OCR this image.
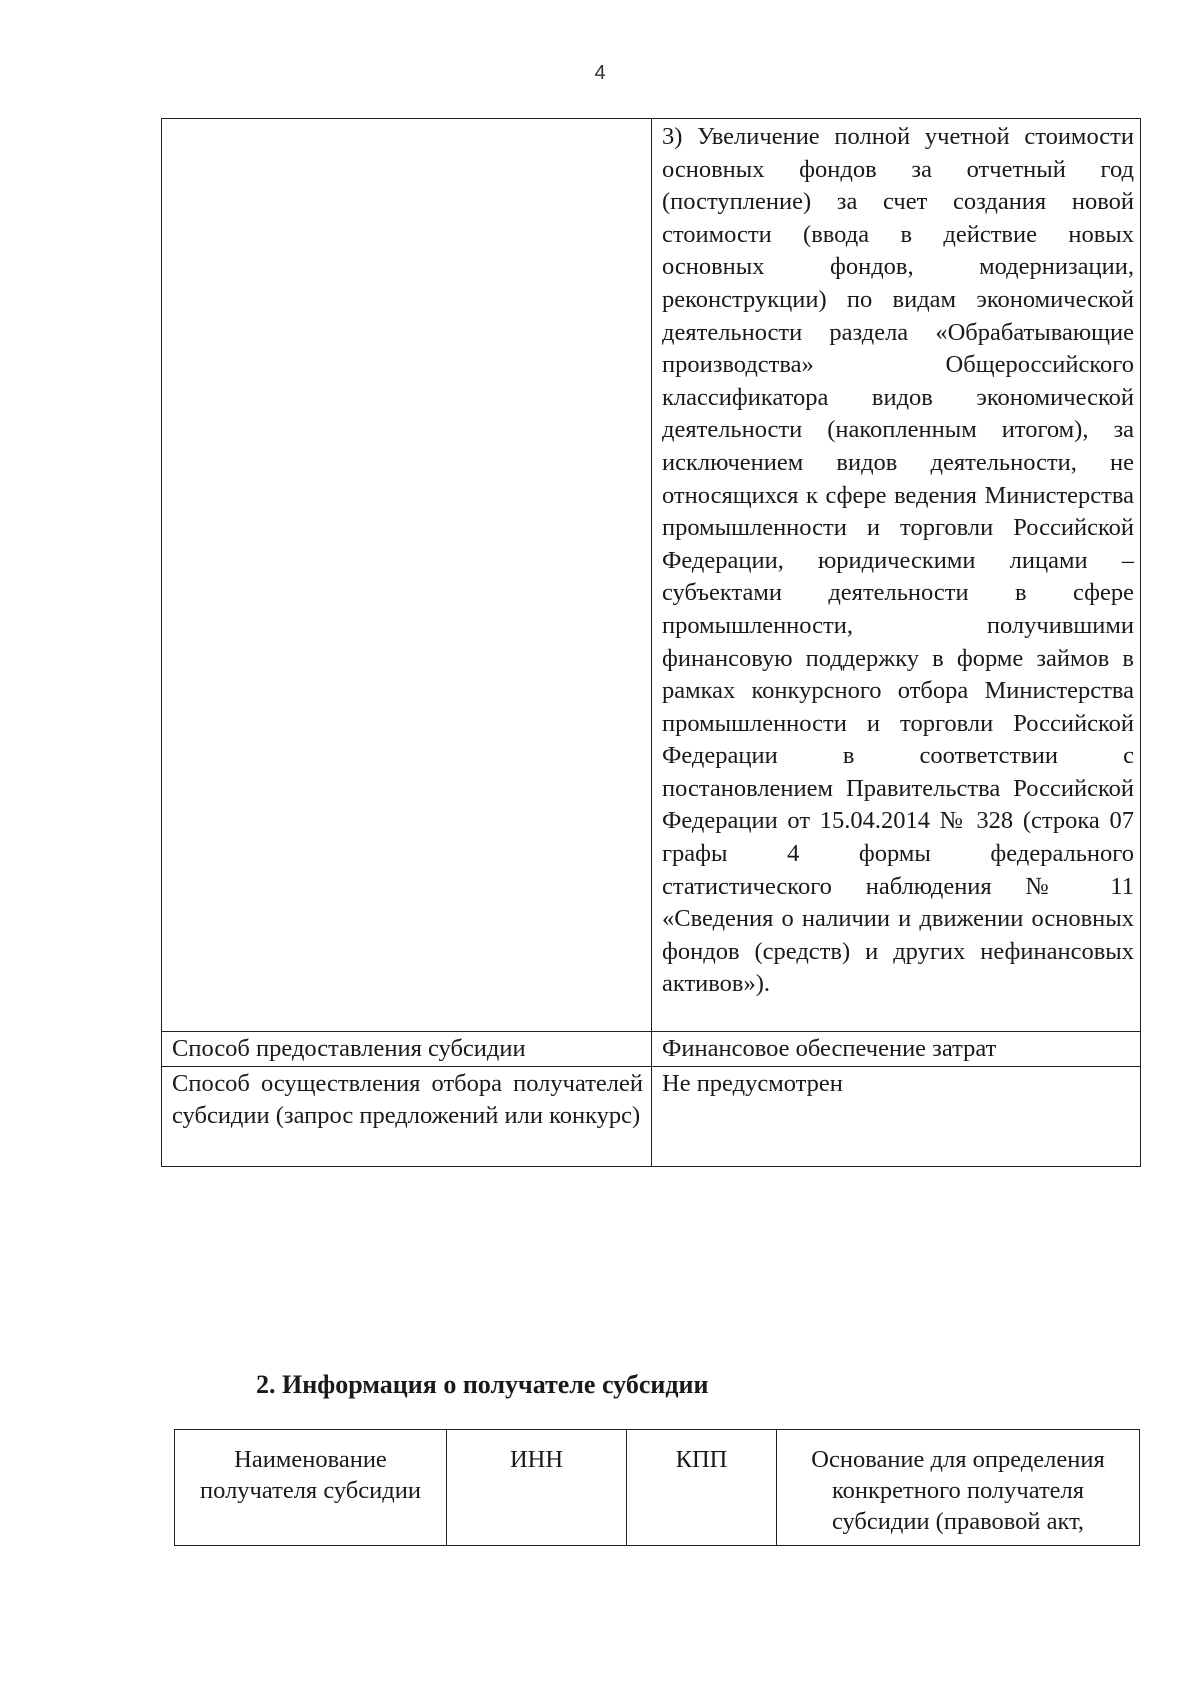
4
	3) Увеличение полной учетной стоимости основных фондов за отчетный год (поступление) за счет создания новой стоимости (ввода в действие новых основных фондов, модернизации, реконструкции) по видам экономической деятельности раздела «Обрабатывающие производства» Общероссийского классификатора видов экономической деятельности (накопленным итогом), за исключением видов деятельности, не относящихся к сфере ведения Министерства промышленности и торговли Российской Федерации, юридическими лицами – субъектами деятельности в сфере промышленности, получившими финансовую поддержку в форме займов в рамках конкурсного отбора Министерства промышленности и торговли Российской Федерации в соответствии с постановлением Правительства Российской Федерации от 15.04.2014 № 328 (строка 07 графы 4 формы федерального статистического наблюдения № 11 «Сведения о наличии и движении основных фондов (средств) и других нефинансовых активов»).
Способ предоставления субсидии	Финансовое обеспечение затрат
Способ осуществления отбора получателей субсидии (запрос предложений или конкурс)	Не предусмотрен
2. Информация о получателе субсидии
Наименование получателя субсидии	ИНН	КПП	Основание для определения конкретного получателя субсидии (правовой акт,
